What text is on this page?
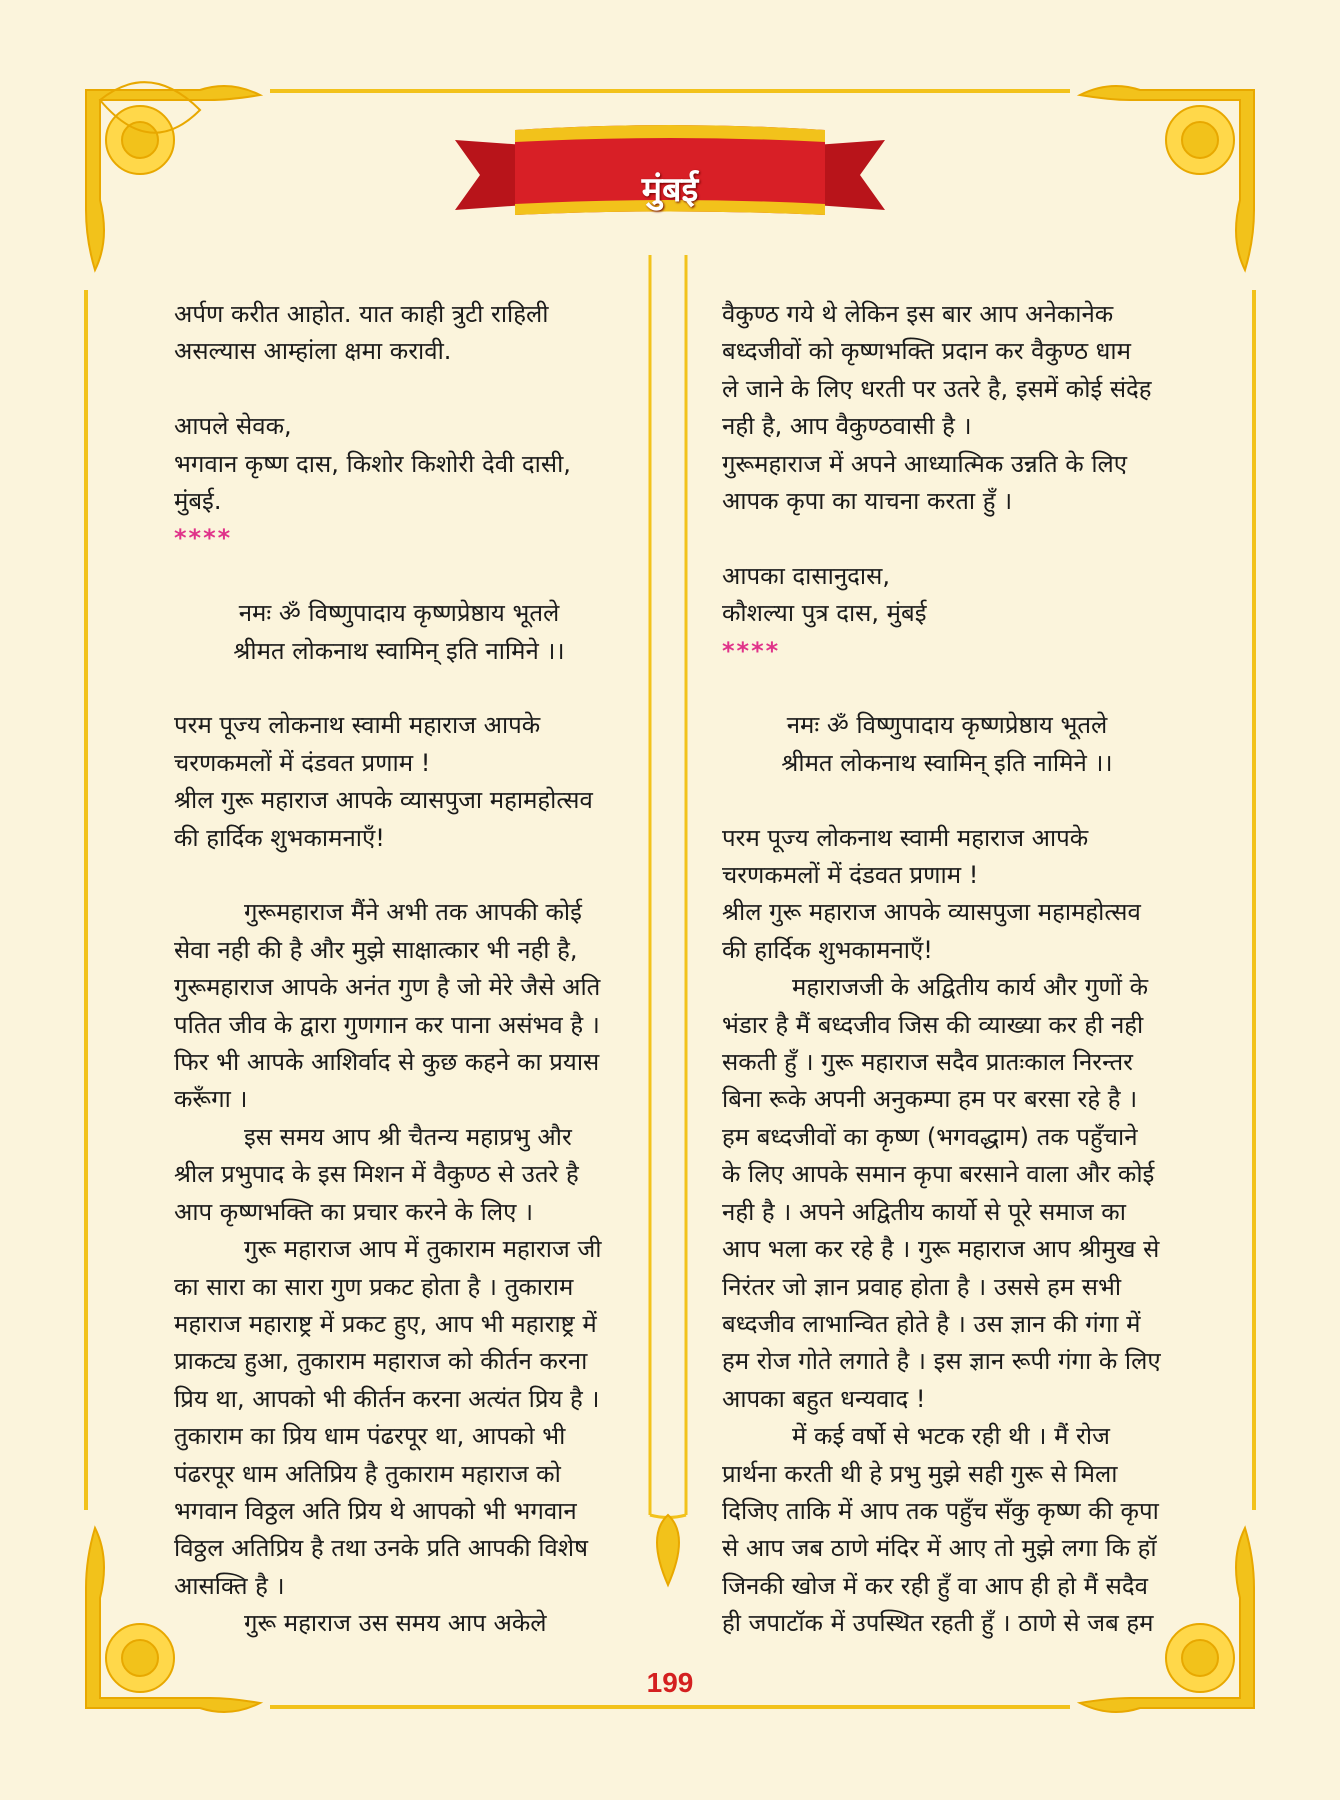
मुंबई

अर्पण करीत आहोत. यात काही त्रुटी राहिली

असल्यास आम्हांला क्षमा करावी.

आपले सेवक,

भगवान कृष्ण दास, किशोर किशोरी देवी दासी,

मुंबई.

****

नमः ॐ विष्णुपादाय कृष्णप्रेष्ठाय भूतले

श्रीमत लोकनाथ स्वामिन् इति नामिने ।।

परम पूज्य लोकनाथ स्वामी महाराज आपके

चरणकमलों में दंडवत प्रणाम !

श्रील गुरू महाराज आपके व्यासपुजा महामहोत्सव

की हार्दिक शुभकामनाएँ!

गुरूमहाराज मैंने अभी तक आपकी कोई

सेवा नही की है और मुझे साक्षात्कार भी नही है,

गुरूमहाराज आपके अनंत गुण है जो मेरे जैसे अति

पतित जीव के द्वारा गुणगान कर पाना असंभव है ।

फिर भी आपके आशिर्वाद से कुछ कहने का प्रयास

करूँगा ।

इस समय आप श्री चैतन्य महाप्रभु और

श्रील प्रभुपाद के इस मिशन में वैकुण्ठ से उतरे है

आप कृष्णभक्ति का प्रचार करने के लिए ।

गुरू महाराज आप में तुकाराम महाराज जी

का सारा का सारा गुण प्रकट होता है । तुकाराम

महाराज महाराष्ट्र में प्रकट हुए, आप भी महाराष्ट्र में

प्राकट्य हुआ, तुकाराम महाराज को कीर्तन करना

प्रिय था, आपको भी कीर्तन करना अत्यंत प्रिय है ।

तुकाराम का प्रिय धाम पंढरपूर था, आपको भी

पंढरपूर धाम अतिप्रिय है तुकाराम महाराज को

भगवान विठ्ठल अति प्रिय थे आपको भी भगवान

विठ्ठल अतिप्रिय है तथा उनके प्रति आपकी विशेष

आसक्ति है ।

गुरू महाराज उस समय आप अकेले

वैकुण्ठ गये थे लेकिन इस बार आप अनेकानेक

बध्दजीवों को कृष्णभक्ति प्रदान कर वैकुण्ठ धाम

ले जाने के लिए धरती पर उतरे है, इसमें कोई संदेह

नही है, आप वैकुण्ठवासी है ।

गुरूमहाराज में अपने आध्यात्मिक उन्नति के लिए

आपक कृपा का याचना करता हुँ ।

आपका दासानुदास,

कौशल्या पुत्र दास, मुंबई

****

नमः ॐ विष्णुपादाय कृष्णप्रेष्ठाय भूतले

श्रीमत लोकनाथ स्वामिन् इति नामिने ।।

परम पूज्य लोकनाथ स्वामी महाराज आपके

चरणकमलों में दंडवत प्रणाम !

श्रील गुरू महाराज आपके व्यासपुजा महामहोत्सव

की हार्दिक शुभकामनाएँ!

महाराजजी के अद्वितीय कार्य और गुणों के

भंडार है मैं बध्दजीव जिस की व्याख्या कर ही नही

सकती हुँ । गुरू महाराज सदैव प्रातःकाल निरन्तर

बिना रूके अपनी अनुकम्पा हम पर बरसा रहे है ।

हम बध्दजीवों का कृष्ण (भगवद्धाम) तक पहुँचाने

के लिए आपके समान कृपा बरसाने वाला और कोई

नही है । अपने अद्वितीय कार्यो से पूरे समाज का

आप भला कर रहे है । गुरू महाराज आप श्रीमुख से

निरंतर जो ज्ञान प्रवाह होता है । उससे हम सभी

बध्दजीव लाभान्वित होते है । उस ज्ञान की गंगा में

हम रोज गोते लगाते है । इस ज्ञान रूपी गंगा के लिए

आपका बहुत धन्यवाद !

में कई वर्षो से भटक रही थी । मैं रोज

प्रार्थना करती थी हे प्रभु मुझे सही गुरू से मिला

दिजिए ताकि में आप तक पहुँच सँकु कृष्ण की कृपा

से आप जब ठाणे मंदिर में आए तो मुझे लगा कि हॉ

जिनकी खोज में कर रही हुँ वा आप ही हो मैं सदैव

ही जपाटॉक में उपस्थित रहती हुँ । ठाणे से जब हम

199
